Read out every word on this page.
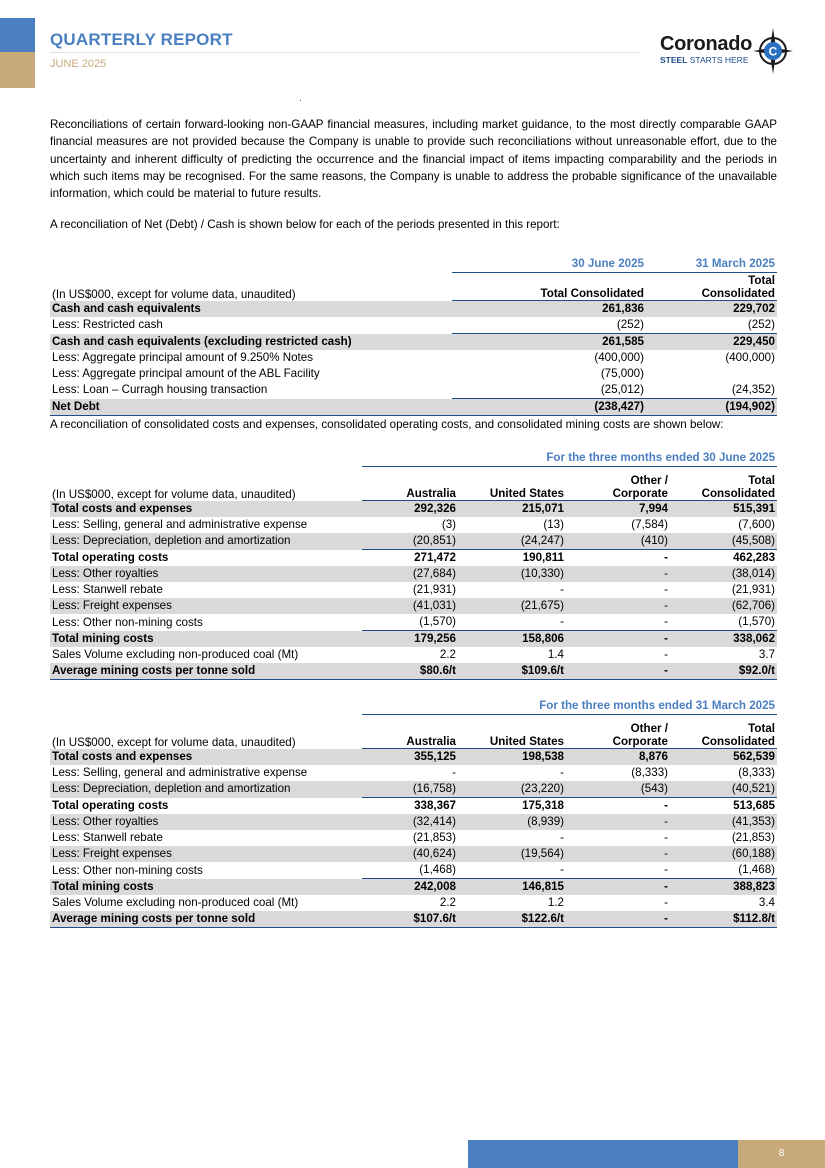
QUARTERLY REPORT
JUNE 2025
Coronado
STEEL STARTS HERE
C

Reconciliations of certain forward-looking non-GAAP financial measures, including market guidance, to the most directly comparable GAAP financial measures are not provided because the Company is unable to provide such reconciliations without unreasonable effort, due to the uncertainty and inherent difficulty of predicting the occurrence and the financial impact of items impacting comparability and the periods in which such items may be recognised. For the same reasons, the Company is unable to address the probable significance of the unavailable information, which could be material to future results.

A reconciliation of Net (Debt) / Cash is shown below for each of the periods presented in this report:

	30 June 2025	31 March 2025
(In US$000, except for volume data, unaudited)	Total Consolidated	Total Consolidated

Cash and cash equivalents	261,836	229,702
Less: Restricted cash	(252)	(252)
Cash and cash equivalents (excluding restricted cash)	261,585	229,450
Less: Aggregate principal amount of 9.250% Notes	(400,000)	(400,000)
Less: Aggregate principal amount of the ABL Facility	(75,000)	
Less: Loan – Curragh housing transaction	(25,012)	(24,352)
Net Debt	(238,427)	(194,902)

A reconciliation of consolidated costs and expenses, consolidated operating costs, and consolidated mining costs are shown below:

	For the three months ended 30 June 2025			
(In US$000, except for volume data, unaudited)	Australia	United States	Other / Corporate	Total Consolidated

Total costs and expenses	292,326	215,071	7,994	515,391
Less: Selling, general and administrative expense	(3)	(13)	(7,584)	(7,600)
Less: Depreciation, depletion and amortization	(20,851)	(24,247)	(410)	(45,508)
Total operating costs	271,472	190,811	-	462,283
Less: Other royalties	(27,684)	(10,330)	-	(38,014)
Less: Stanwell rebate	(21,931)	-	-	(21,931)
Less: Freight expenses	(41,031)	(21,675)	-	(62,706)
Less: Other non-mining costs	(1,570)	-	-	(1,570)
Total mining costs	179,256	158,806	-	338,062
Sales Volume excluding non-produced coal (Mt)	2.2	1.4	-	3.7
Average mining costs per tonne sold	$80.6/t	$109.6/t	-	$92.0/t
	For the three months ended 31 March 2025			
(In US$000, except for volume data, unaudited)	Australia	United States	Other / Corporate	Total Consolidated

Total costs and expenses	355,125	198,538	8,876	562,539
Less: Selling, general and administrative expense	-	-	(8,333)	(8,333)
Less: Depreciation, depletion and amortization	(16,758)	(23,220)	(543)	(40,521)
Total operating costs	338,367	175,318	-	513,685
Less: Other royalties	(32,414)	(8,939)	-	(41,353)
Less: Stanwell rebate	(21,853)	-	-	(21,853)
Less: Freight expenses	(40,624)	(19,564)	-	(60,188)
Less: Other non-mining costs	(1,468)	-	-	(1,468)
Total mining costs	242,008	146,815	-	388,823
Sales Volume excluding non-produced coal (Mt)	2.2	1.2	-	3.4
Average mining costs per tonne sold	$107.6/t	$122.6/t	-	$112.8/t
8
